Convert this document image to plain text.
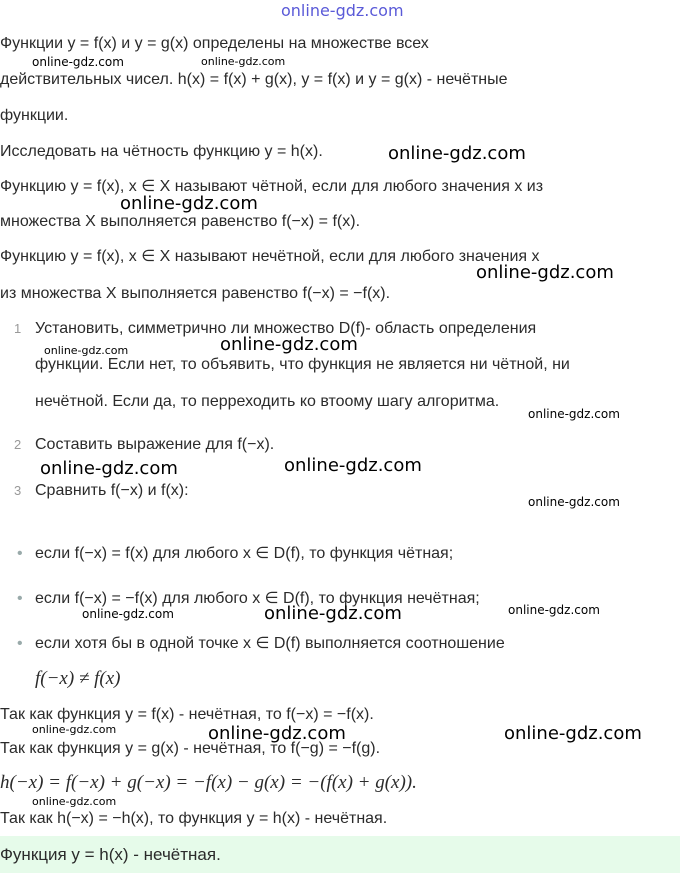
online-gdz.com
Функции y = f(x) и y = g(x) определены на множестве всех
действительных чисел. h(x) = f(x) + g(x), y = f(x) и y = g(x) - нечётные
функции.
Исследовать на чётность функцию y = h(x).
Функцию y = f(x), x ∈ X называют чётной, если для любого значения x из
множества X выполняется равенство f(−x) = f(x).
Функцию y = f(x), x ∈ X называют нечётной, если для любого значения x
из множества X выполняется равенство f(−x) = −f(x).
1 Установить, симметрично ли множество D(f)- область определения
функции. Если нет, то объявить, что функция не является ни чётной, ни
нечётной. Если да, то перреходить ко втоому шагу алгоритма.
2 Составить выражение для f(−x).
3 Сравнить f(−x) и f(x):
• если f(−x) = f(x) для любого x ∈ D(f), то функция чётная;
• если f(−x) = −f(x) для любого x ∈ D(f), то функция нечётная;
• если хотя бы в одной точке x ∈ D(f) выполняется соотношение
f(−x) ≠ f(x)
Так как функция y = f(x) - нечётная, то f(−x) = −f(x).
Так как функция y = g(x) - нечётная, то f(−g) = −f(g).
h(−x) = f(−x) + g(−x) = −f(x) − g(x) = −(f(x) + g(x)).
Так как h(−x) = −h(x), то функция y = h(x) - нечётная.
Функция y = h(x) - нечётная.
online-gdz.com	online-gdz.com
online-gdz.com
online-gdz.com
online-gdz.com
online-gdz.com	online-gdz.com
online-gdz.com
online-gdz.com	online-gdz.com
online-gdz.com
online-gdz.com	online-gdz.com	online-gdz.com
online-gdz.com	online-gdz.com	online-gdz.com
online-gdz.com
